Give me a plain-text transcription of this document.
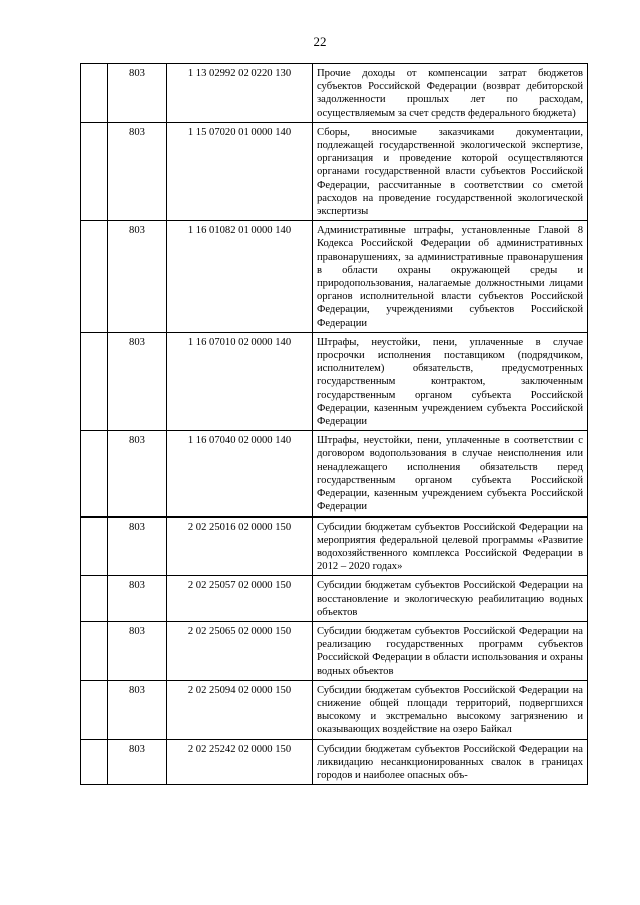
22
	803	1 13 02992 02 0220 130	Прочие доходы от компенсации затрат бюджетов субъектов Российской Федерации (возврат дебиторской задолженности прошлых лет по расходам, осуществляемым за счет средств федерального бюджета)
	803	1 15 07020 01 0000 140	Сборы, вносимые заказчиками документации, подлежащей государственной экологической экспертизе, организация и проведение которой осуществляются органами государственной власти субъектов Российской Федерации, рассчитанные в соответствии со сметой расходов на проведение государственной экологической экспертизы
	803	1 16 01082 01 0000 140	Административные штрафы, установленные Главой 8 Кодекса Российской Федерации об административных правонарушениях, за административные правонарушения в области охраны окружающей среды и природопользования, налагаемые должностными лицами органов исполнительной власти субъектов Российской Федерации, учреждениями субъектов Российской Федерации
	803	1 16 07010 02 0000 140	Штрафы, неустойки, пени, уплаченные в случае просрочки исполнения поставщиком (подрядчиком, исполнителем) обязательств, предусмотренных государственным контрактом, заключенным государственным органом субъекта Российской Федерации, казенным учреждением субъекта Российской Федерации
	803	1 16 07040 02 0000 140	Штрафы, неустойки, пени, уплаченные в соответствии с договором водопользования в случае неисполнения или ненадлежащего исполнения обязательств перед государственным органом субъекта Российской Федерации, казенным учреждением субъекта Российской Федерации
	803	2 02 25016 02 0000 150	Субсидии бюджетам субъектов Российской Федерации на мероприятия федеральной целевой программы «Развитие водохозяйственного комплекса Российской Федерации в 2012 – 2020 годах»
	803	2 02 25057 02 0000 150	Субсидии бюджетам субъектов Российской Федерации на восстановление и экологическую реабилитацию водных объектов
	803	2 02 25065 02 0000 150	Субсидии бюджетам субъектов Российской Федерации на реализацию государственных программ субъектов Российской Федерации в области использования и охраны водных объектов
	803	2 02 25094 02 0000 150	Субсидии бюджетам субъектов Российской Федерации на снижение общей площади территорий, подвергшихся высокому и экстремально высокому загрязнению и оказывающих воздействие на озеро Байкал
	803	2 02 25242 02 0000 150	Субсидии бюджетам субъектов Российской Федерации на ликвидацию несанкционированных свалок в границах городов и наиболее опасных объ-
